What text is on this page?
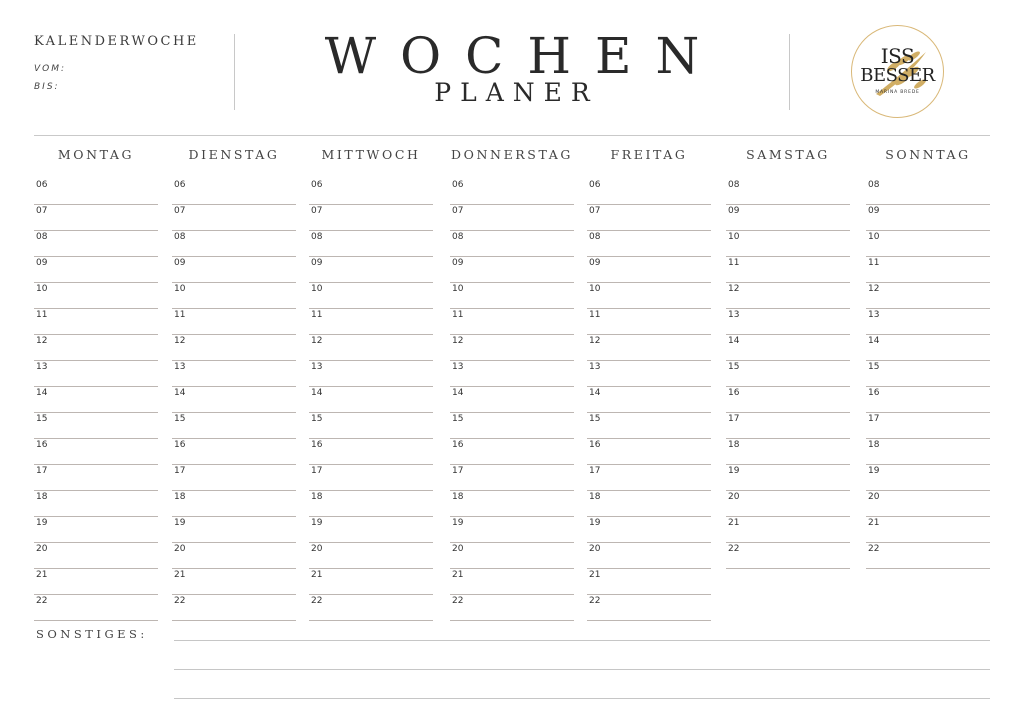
KALENDERWOCHE
VOM:
BIS:
WOCHEN
PLANER
ISS
BESSER
MARINA BREDE
MONTAG
06
07
08
09
10
11
12
13
14
15
16
17
18
19
20
21
22
DIENSTAG
06
07
08
09
10
11
12
13
14
15
16
17
18
19
20
21
22
MITTWOCH
06
07
08
09
10
11
12
13
14
15
16
17
18
19
20
21
22
DONNERSTAG
06
07
08
09
10
11
12
13
14
15
16
17
18
19
20
21
22
FREITAG
06
07
08
09
10
11
12
13
14
15
16
17
18
19
20
21
22
SAMSTAG
08
09
10
11
12
13
14
15
16
17
18
19
20
21
22
SONNTAG
08
09
10
11
12
13
14
15
16
17
18
19
20
21
22
SONSTIGES:
